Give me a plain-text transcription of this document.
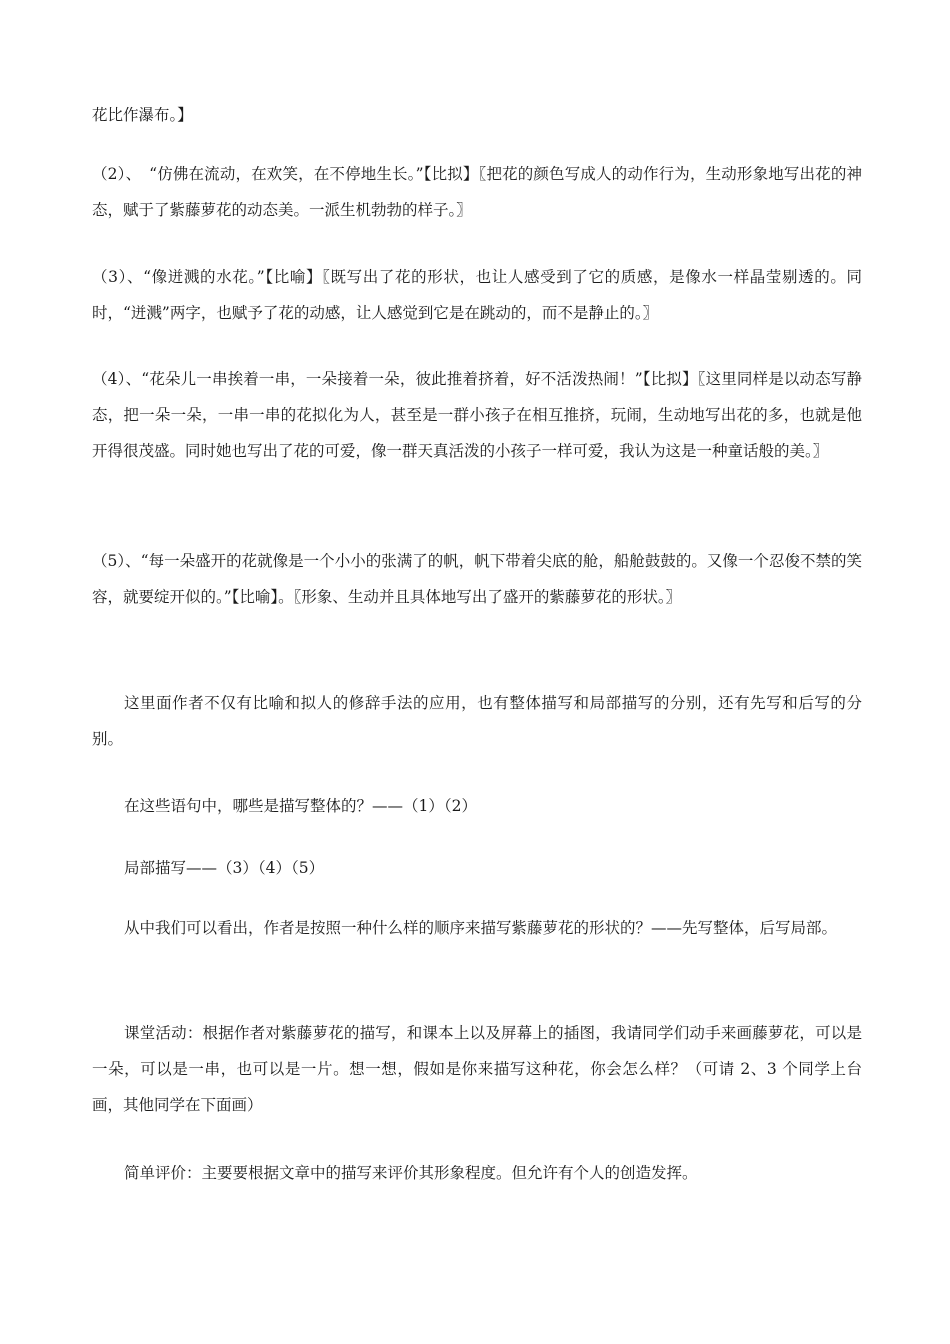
花比作瀑布。】

（2）、　“仿佛在流动，在欢笑，在不停地生长。”【比拟】〖把花的颜色写成人的动作行为，生动形象地写出花的神态，赋于了紫藤萝花的动态美。一派生机勃勃的样子。〗

（3）、“像迸溅的水花。”【比喻】〖既写出了花的形状，也让人感受到了它的质感，是像水一样晶莹剔透的。同时，“迸溅”两字，也赋予了花的动感，让人感觉到它是在跳动的，而不是静止的。〗

（4）、“花朵儿一串挨着一串，一朵接着一朵，彼此推着挤着，好不活泼热闹！”【比拟】〖这里同样是以动态写静态，把一朵一朵，一串一串的花拟化为人，甚至是一群小孩子在相互推挤，玩闹，生动地写出花的多，也就是他开得很茂盛。同时她也写出了花的可爱，像一群天真活泼的小孩子一样可爱，我认为这是一种童话般的美。〗

（5）、“每一朵盛开的花就像是一个小小的张满了的帆，帆下带着尖底的舱，船舱鼓鼓的。又像一个忍俊不禁的笑容，就要绽开似的。”【比喻】。〖形象、生动并且具体地写出了盛开的紫藤萝花的形状。〗

这里面作者不仅有比喻和拟人的修辞手法的应用，也有整体描写和局部描写的分别，还有先写和后写的分别。

在这些语句中，哪些是描写整体的？——（1）（2）

局部描写——（3）（4）（5）

从中我们可以看出，作者是按照一种什么样的顺序来描写紫藤萝花的形状的？——先写整体，后写局部。

课堂活动：根据作者对紫藤萝花的描写，和课本上以及屏幕上的插图，我请同学们动手来画藤萝花，可以是一朵，可以是一串，也可以是一片。想一想，假如是你来描写这种花，你会怎么样？（可请 2、3 个同学上台画，其他同学在下面画）

简单评价：主要要根据文章中的描写来评价其形象程度。但允许有个人的创造发挥。
